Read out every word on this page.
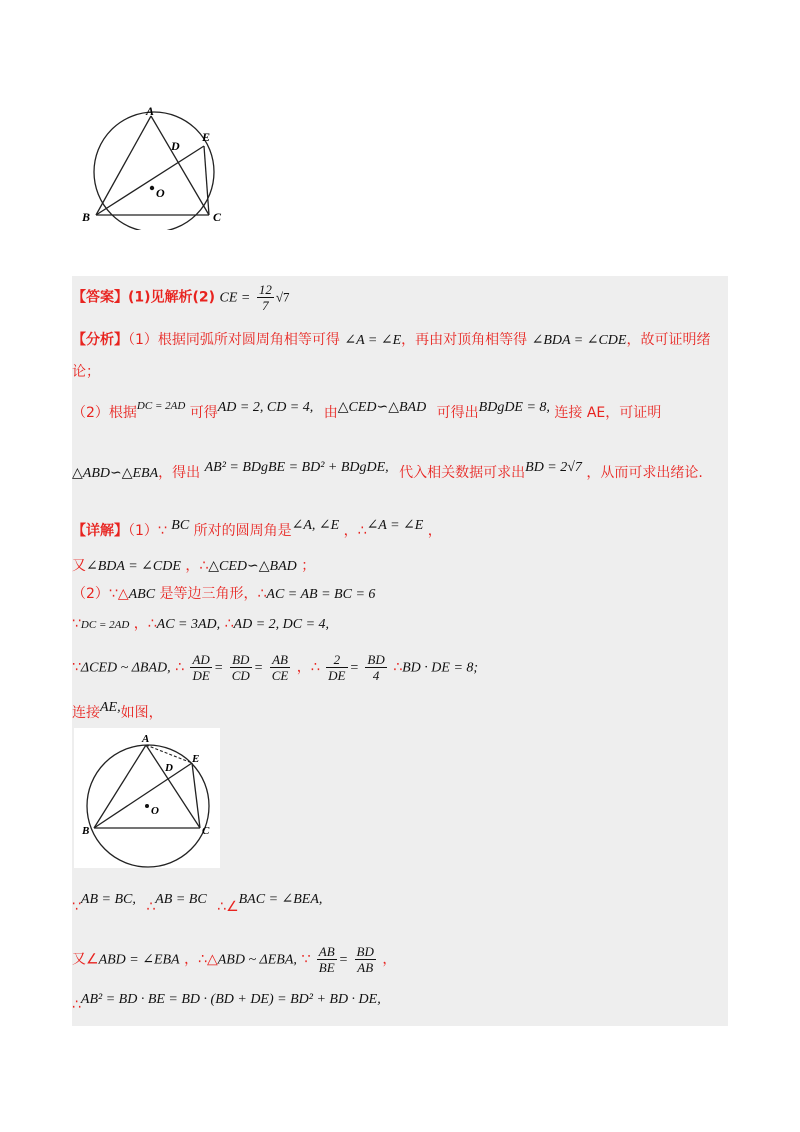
A
E
D
O
B	C
【答案】(1)见解析(2) CE = $\frac{12}{7} √7$
【分析】（1）根据同弧所对圆周角相等可得 ∠A = ∠E，再由对顶角相等得 ∠BDA = ∠CDE，故可证明绪
论；
（2）根据$^{DC = 2AD}$ 可得AD = 2, CD = 4, 由△CED∽△BAD 可得出BDgDE = 8, 连接 AE，可证明
△ABD∽△EBA，得出 AB² = BDgBE = BD² + BDgDE, 代入相关数据可求出BD = 2√7 ，从而可求出绪论.
【详解】（1）∵ BC 所对的圆周角是∠A, ∠E ，∴∠A = ∠E ，
又∠BDA = ∠CDE ，∴△CED∽△BAD ；
（2）∵△ABC 是等边三角形，∴AC = AB = BC = 6
∵DC = 2AD ，∴AC = 3AD, ∴AD = 2, DC = 4,
∵ΔCED ~ ΔBAD, ∴ $\frac{AD}{DE} = \frac{BD}{CD} = \frac{AB}{CE}$ ，∴ $\frac{2}{DE} = \frac{BD}{4}$ ∴BD · DE = 8;
连接AE,如图，
A
E
D
O
B	C
∵AB = BC, ∴AB = BC ∴∠BAC = ∠BEA,
又∠ABD = ∠EBA ，∴△ABD ~ ΔEBA, ∵ $\frac{AB}{BE} = \frac{BD}{AB}$ ，
∴AB² = BD · BE = BD · (BD + DE) = BD² + BD · DE,
